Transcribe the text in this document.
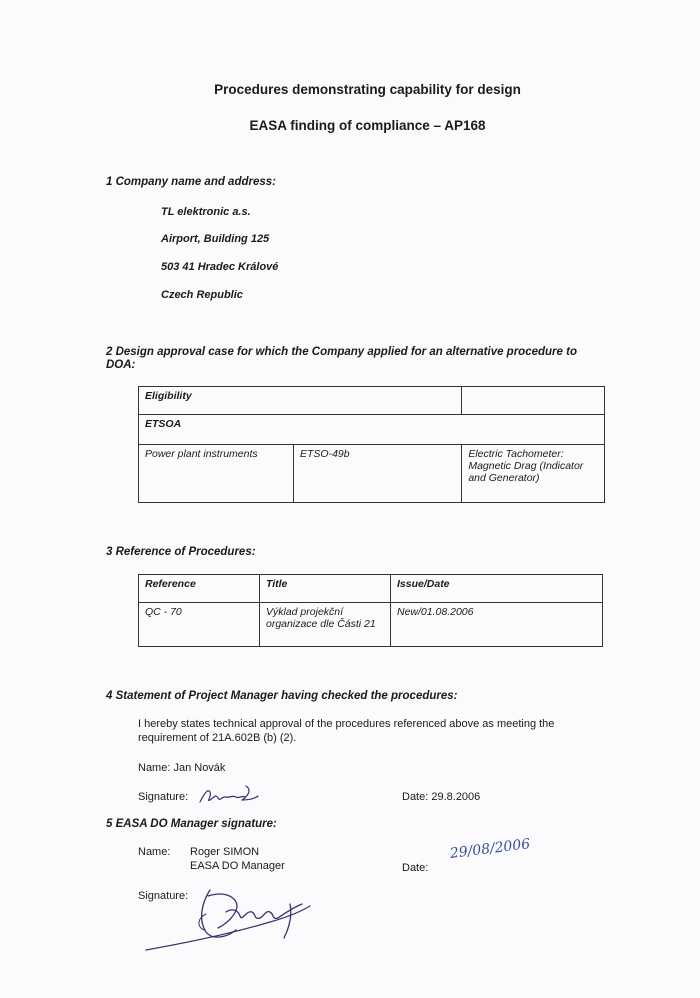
Procedures demonstrating capability for design
EASA finding of compliance – AP168
1 Company name and address:
TL elektronic a.s.
Airport, Building 125
503 41 Hradec Králové
Czech Republic
2 Design approval case for which the Company applied for an alternative procedure to
DOA:
Eligibility		
ETSOA		
Power plant instruments	ETSO-49b	Electric Tachometer:
Magnetic Drag (Indicator
and Generator)
3 Reference of Procedures:
Reference	Title	Issue/Date
QC - 70	Výklad projekční
organizace dle Části 21	New/01.08.2006
4 Statement of Project Manager having checked the procedures:
I hereby states technical approval of the procedures referenced above as meeting the
requirement of 21A.602B (b) (2).
Name: Jan Novák
Signature:	Date: 29.8.2006
5 EASA DO Manager signature:
Name: Roger SIMON
EASA DO Manager	Date:
29/08/2006
Signature:
